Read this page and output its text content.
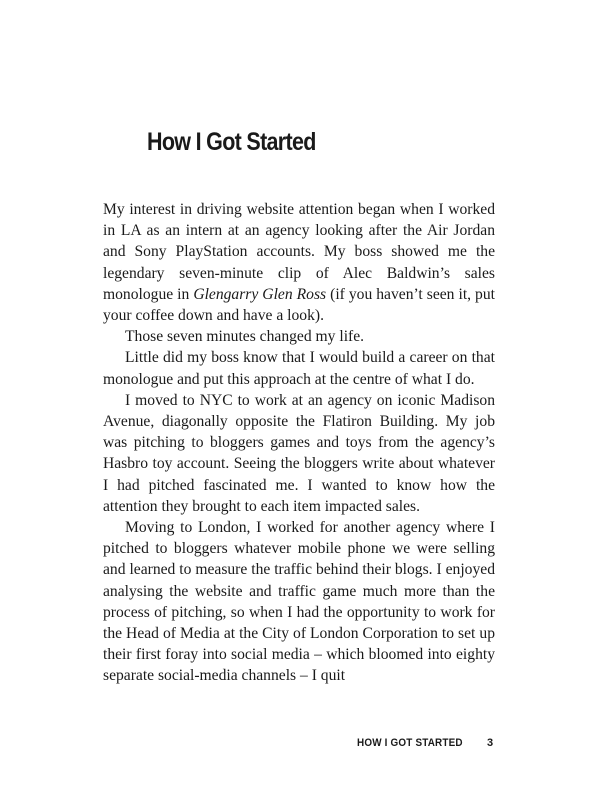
How I Got Started

My interest in driving website attention began when I worked in LA as an intern at an agency looking after the Air Jordan and Sony PlayStation accounts. My boss showed me the legendary seven-minute clip of Alec Baldwin’s sales monologue in Glengarry Glen Ross (if you haven’t seen it, put your coffee down and have a look).

Those seven minutes changed my life.

Little did my boss know that I would build a career on that monologue and put this approach at the centre of what I do.

I moved to NYC to work at an agency on iconic Madison Avenue, diagonally opposite the Flatiron Building. My job was pitching to bloggers games and toys from the agency’s Hasbro toy account. Seeing the bloggers write about whatever I had pitched fascinated me. I wanted to know how the attention they brought to each item impacted sales.

Moving to London, I worked for another agency where I pitched to bloggers whatever mobile phone we were selling and learned to measure the traffic behind their blogs. I enjoyed analysing the website and traffic game much more than the process of pitching, so when I had the opportunity to work for the Head of Media at the City of London Corporation to set up their first foray into social media – which bloomed into eighty separate social-media channels – I quit

HOW I GOT STARTED 3
